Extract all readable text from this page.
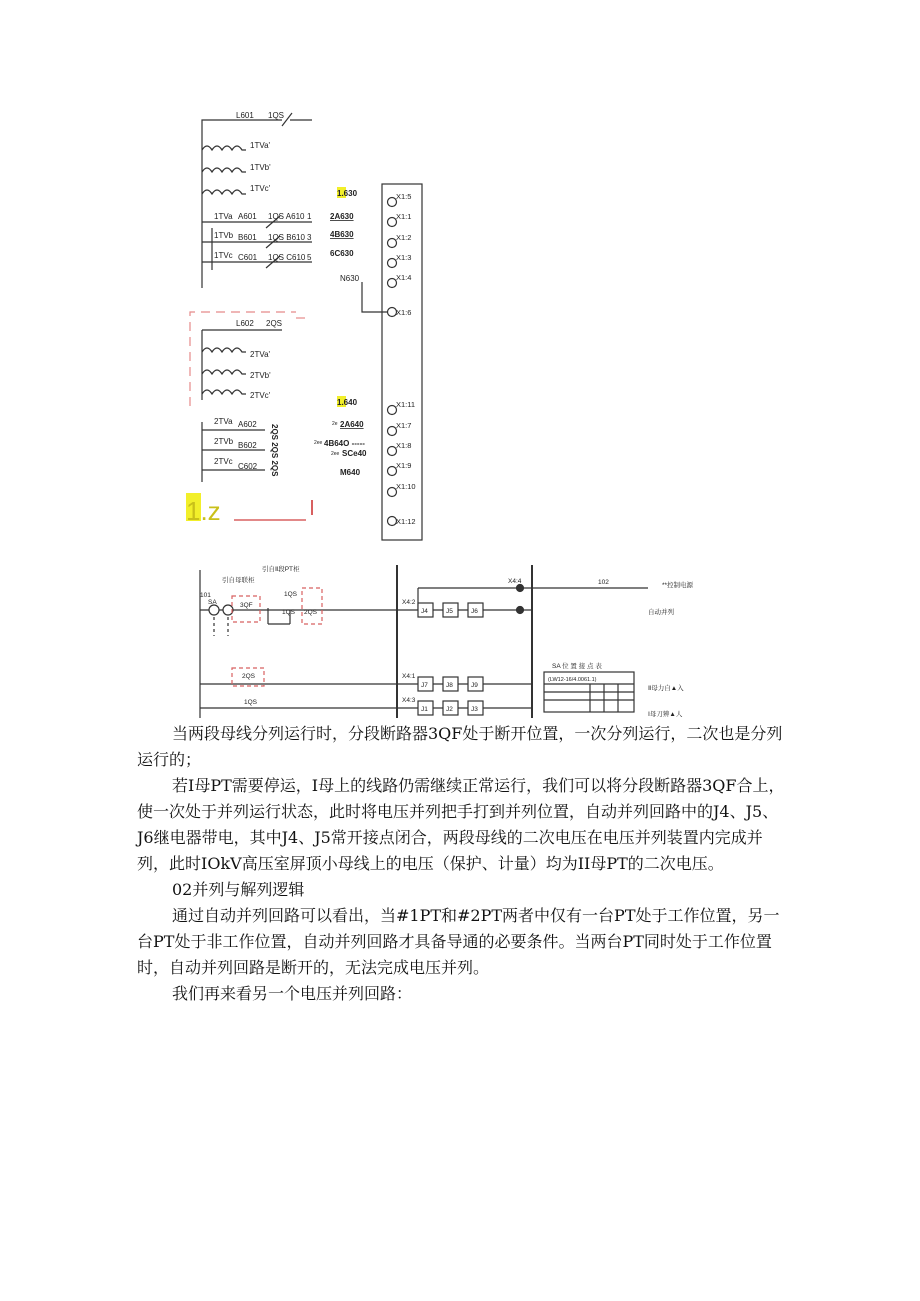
L601 1QS
1TVa'
1TVb'
1TVc'
1TVa
1TVb
1TVc
A601
B601
C601
1QS A610
1QS B610
1QS C610
1
3
5
1.630
2A630
4B630
6C630
N630
L602 2QS
2TVa'
2TVb'
2TVc'
2TVa
2TVb
2TVc
A602
B602
C602 2QS 2QS 2QS
1.640
2e 2A640
2ee 4B64O -----
2ee SCe40
M640
1.z
X1:5
X1:1
X1:2
X1:3
X1:4
X1:6
X1:11
X1:7
X1:8
X1:9
X1:10
X1:12
引自Ⅱ段PT柜
引自母联柜
101
SA	3QF
1QS
1QS 2QS
X4:2
X4:4
X4:1
X4:3
J4	J5	J6
J7	J8	J9
J1	J2	J3
2QS
1QS
102	**控制电源
自动并列
Ⅱ母力自▲入
Ⅰ母刀辨▲人
SA 位 置 接 点 表
(LW12-16/4.0061.1)

当两段母线分列运行时，分段断路器3QF处于断开位置，一次分列运行，二次也是分列运行的；

若I母PT需要停运，I母上的线路仍需继续正常运行，我们可以将分段断路器3QF合上，使一次处于并列运行状态，此时将电压并列把手打到并列位置，自动并列回路中的J4、J5、J6继电器带电，其中J4、J5常开接点闭合，两段母线的二次电压在电压并列装置内完成并列，此时IOkV高压室屏顶小母线上的电压（保护、计量）均为II母PT的二次电压。

02并列与解列逻辑

通过自动并列回路可以看出，当#1PT和#2PT两者中仅有一台PT处于工作位置，另一台PT处于非工作位置，自动并列回路才具备导通的必要条件。当两台PT同时处于工作位置时，自动并列回路是断开的，无法完成电压并列。

我们再来看另一个电压并列回路：
